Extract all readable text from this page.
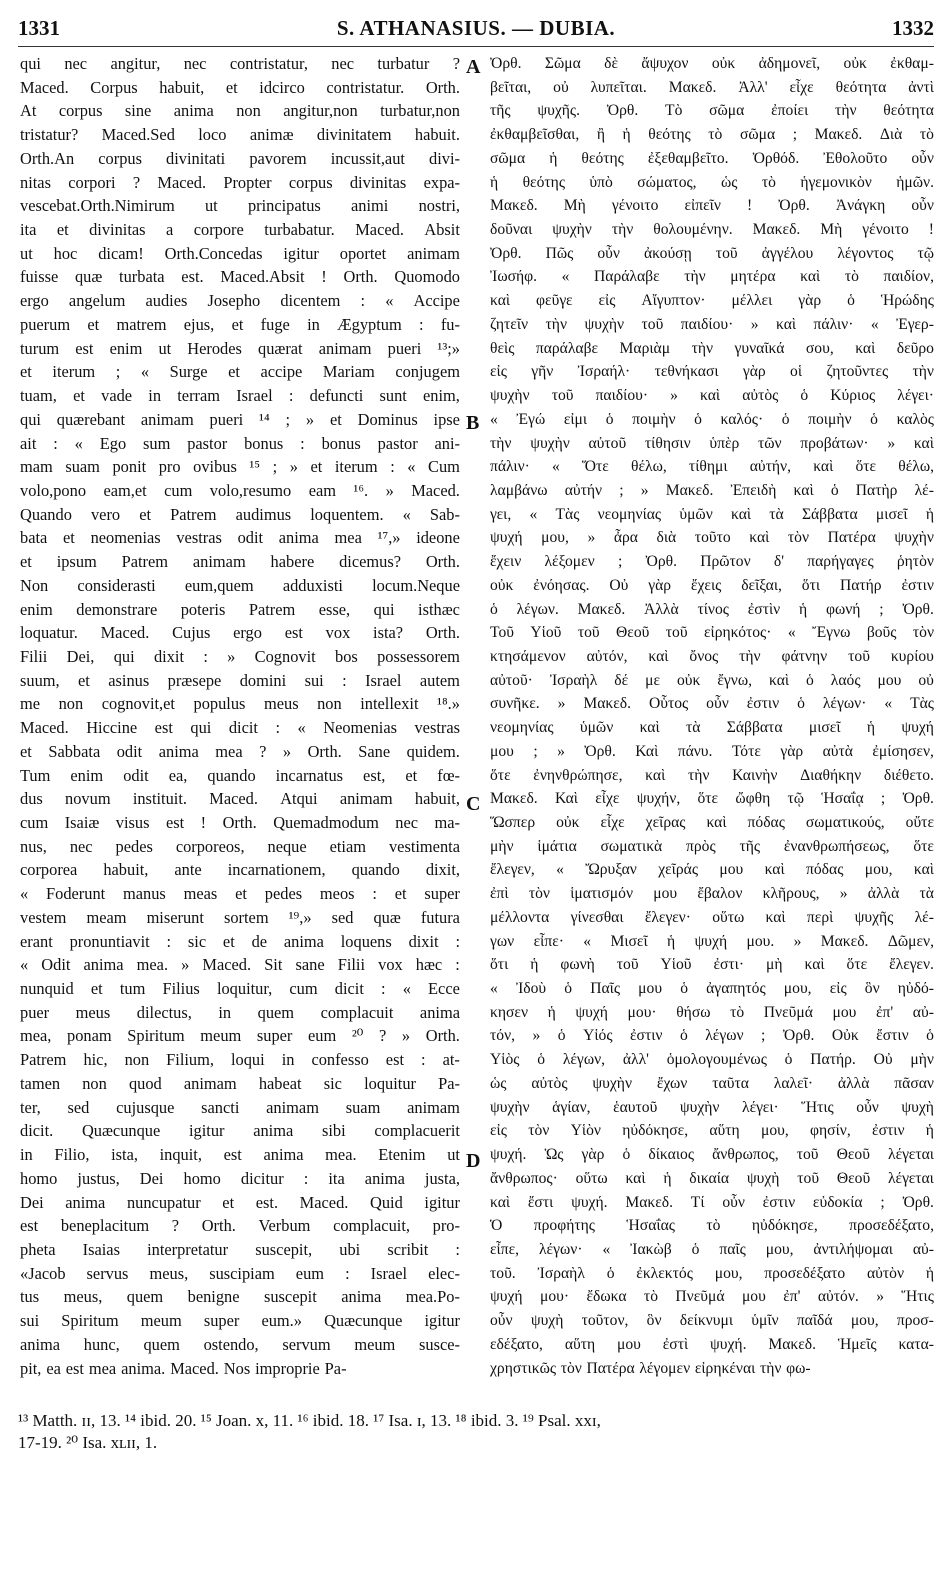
1331	S. ATHANASIUS. — DUBIA.	1332
qui nec angitur, nec contristatur, nec turbatur ?
Maced. Corpus habuit, et idcirco contristatur. Orth.
At corpus sine anima non angitur,non turbatur,non
tristatur? Maced.Sed loco animæ divinitatem habuit.
Orth.An corpus divinitati pavorem incussit,aut divi-
nitas corpori ? Maced. Propter corpus divinitas expa-
vescebat.Orth.Nimirum ut principatus animi nostri,
ita et divinitas a corpore turbabatur. Maced. Absit
ut hoc dicam! Orth.Concedas igitur oportet animam
fuisse quæ turbata est. Maced.Absit ! Orth. Quomodo
ergo angelum audies Josepho dicentem : « Accipe
puerum et matrem ejus, et fuge in Ægyptum : fu-
turum est enim ut Herodes quærat animam pueri ¹³;»
et iterum ; « Surge et accipe Mariam conjugem
tuam, et vade in terram Israel : defuncti sunt enim,
qui quærebant animam pueri ¹⁴ ; » et Dominus ipse
ait : « Ego sum pastor bonus : bonus pastor ani-
mam suam ponit pro ovibus ¹⁵ ; » et iterum : « Cum
volo,pono eam,et cum volo,resumo eam ¹⁶. » Maced.
Quando vero et Patrem audimus loquentem. « Sab-
bata et neomenias vestras odit anima mea ¹⁷,» ideone
et ipsum Patrem animam habere dicemus? Orth.
Non considerasti eum,quem adduxisti locum.Neque
enim demonstrare poteris Patrem esse, qui isthæc
loquatur. Maced. Cujus ergo est vox ista? Orth.
Filii Dei, qui dixit : » Cognovit bos possessorem
suum, et asinus præsepe domini sui : Israel autem
me non cognovit,et populus meus non intellexit ¹⁸.»
Maced. Hiccine est qui dicit : « Neomenias vestras
et Sabbata odit anima mea ? » Orth. Sane quidem.
Tum enim odit ea, quando incarnatus est, et fœ-
dus novum instituit. Maced. Atqui animam habuit,
cum Isaiæ visus est ! Orth. Quemadmodum nec ma-
nus, nec pedes corporeos, neque etiam vestimenta
corporea habuit, ante incarnationem, quando dixit,
« Foderunt manus meas et pedes meos : et super
vestem meam miserunt sortem ¹⁹,» sed quæ futura
erant pronuntiavit : sic et de anima loquens dixit :
« Odit anima mea. » Maced. Sit sane Filii vox hæc :
nunquid et tum Filius loquitur, cum dicit : « Ecce
puer meus dilectus, in quem complacuit anima
mea, ponam Spiritum meum super eum ²⁰ ? » Orth.
Patrem hic, non Filium, loqui in confesso est : at-
tamen non quod animam habeat sic loquitur Pa-
ter, sed cujusque sancti animam suam animam
dicit. Quæcunque igitur anima sibi complacuerit
in Filio, ista, inquit, est anima mea. Etenim ut
homo justus, Dei homo dicitur : ita anima justa,
Dei anima nuncupatur et est. Maced. Quid igitur
est beneplacitum ? Orth. Verbum complacuit, pro-
pheta Isaias interpretatur suscepit, ubi scribit :
«Jacob servus meus, suscipiam eum : Israel elec-
tus meus, quem benigne suscepit anima mea.Po-
sui Spiritum meum super eum.» Quæcunque igitur
anima hunc, quem ostendo, servum meum susce-
pit, ea est mea anima. Maced. Nos improprie Pa-
Ὀρθ. Σῶμα δὲ ἄψυχον οὐκ ἀδημονεῖ, οὐκ ἐκθαμ-
βεῖται, οὐ λυπεῖται. Μακεδ. Ἀλλ' εἶχε θεότητα ἀντὶ
τῆς ψυχῆς. Ὀρθ. Τὸ σῶμα ἐποίει τὴν θεότητα
ἐκθαμβεῖσθαι, ἢ ἡ θεότης τὸ σῶμα ; Μακεδ. Διὰ τὸ
σῶμα ἡ θεότης ἐξεθαμβεῖτο. Ὀρθόδ. Ἐθολοῦτο οὖν
ἡ θεότης ὑπὸ σώματος, ὡς τὸ ἡγεμονικὸν ἡμῶν.
Μακεδ. Μὴ γένοιτο εἰπεῖν ! Ὀρθ. Ἀνάγκη οὖν
δοῦναι ψυχὴν τὴν θολουμένην. Μακεδ. Μὴ γένοιτο !
Ὀρθ. Πῶς οὖν ἀκούσῃ τοῦ ἀγγέλου λέγοντος τῷ
Ἰωσήφ. « Παράλαβε τὴν μητέρα καὶ τὸ παιδίον,
καὶ φεῦγε εἰς Αἴγυπτον· μέλλει γὰρ ὁ Ἡρώδης
ζητεῖν τὴν ψυχὴν τοῦ παιδίου· » καὶ πάλιν· « Ἐγερ-
θεὶς παράλαβε Μαριὰμ τὴν γυναῖκά σου, καὶ δεῦρο
εἰς γῆν Ἰσραήλ· τεθνήκασι γὰρ οἱ ζητοῦντες τὴν
ψυχὴν τοῦ παιδίου· » καὶ αὐτὸς ὁ Κύριος λέγει·
« Ἐγώ εἰμι ὁ ποιμὴν ὁ καλός· ὁ ποιμὴν ὁ καλὸς
τὴν ψυχὴν αὐτοῦ τίθησιν ὑπὲρ τῶν προβάτων· » καὶ
πάλιν· « Ὅτε θέλω, τίθημι αὐτήν, καὶ ὅτε θέλω,
λαμβάνω αὐτήν ; » Μακεδ. Ἐπειδὴ καὶ ὁ Πατὴρ λέ-
γει, « Τὰς νεομηνίας ὑμῶν καὶ τὰ Σάββατα μισεῖ ἡ
ψυχή μου, » ἆρα διὰ τοῦτο καὶ τὸν Πατέρα ψυχὴν
ἔχειν λέξομεν ; Ὀρθ. Πρῶτον δ' παρήγαγες ῥητὸν
οὐκ ἐνόησας. Οὐ γὰρ ἔχεις δεῖξαι, ὅτι Πατήρ ἐστιν
ὁ λέγων. Μακεδ. Ἀλλὰ τίνος ἐστὶν ἡ φωνή ; Ὀρθ.
Τοῦ Υἱοῦ τοῦ Θεοῦ τοῦ εἰρηκότος· « Ἔγνω βοῦς τὸν
κτησάμενον αὐτόν, καὶ ὄνος τὴν φάτνην τοῦ κυρίου
αὐτοῦ· Ἰσραὴλ δέ με οὐκ ἔγνω, καὶ ὁ λαός μου οὐ
συνῆκε. » Μακεδ. Οὗτος οὖν ἐστιν ὁ λέγων· « Τὰς
νεομηνίας ὑμῶν καὶ τὰ Σάββατα μισεῖ ἡ ψυχή
μου ; » Ὀρθ. Καὶ πάνυ. Τότε γὰρ αὐτὰ ἐμίσησεν,
ὅτε ἐνηνθρώπησε, καὶ τὴν Καινὴν Διαθήκην διέθετο.
Μακεδ. Καὶ εἶχε ψυχήν, ὅτε ὤφθη τῷ Ἡσαΐᾳ ; Ὀρθ.
Ὥσπερ οὐκ εἶχε χεῖρας καὶ πόδας σωματικούς, οὔτε
μὴν ἱμάτια σωματικὰ πρὸς τῆς ἐνανθρωπήσεως, ὅτε
ἔλεγεν, « Ὤρυξαν χεῖράς μου καὶ πόδας μου, καὶ
ἐπὶ τὸν ἱματισμόν μου ἔβαλον κλῆρους, » ἀλλὰ τὰ
μέλλοντα γίνεσθαι ἔλεγεν· οὕτω καὶ περὶ ψυχῆς λέ-
γων εἶπε· « Μισεῖ ἡ ψυχή μου. » Μακεδ. Δῶμεν,
ὅτι ἡ φωνὴ τοῦ Υἱοῦ ἐστι· μὴ καὶ ὅτε ἔλεγεν.
« Ἰδοὺ ὁ Παῖς μου ὁ ἀγαπητός μου, εἰς ὃν ηὐδό-
κησεν ἡ ψυχή μου· θήσω τὸ Πνεῦμά μου ἐπ' αὐ-
τόν, » ὁ Υἱός ἐστιν ὁ λέγων ; Ὀρθ. Οὐκ ἔστιν ὁ
Υἱὸς ὁ λέγων, ἀλλ' ὁμολογουμένως ὁ Πατήρ. Οὐ μὴν
ὡς αὐτὸς ψυχὴν ἔχων ταῦτα λαλεῖ· ἀλλὰ πᾶσαν
ψυχὴν ἁγίαν, ἑαυτοῦ ψυχὴν λέγει· Ἥτις οὖν ψυχὴ
εἰς τὸν Υἱὸν ηὐδόκησε, αὕτη μου, φησίν, ἐστιν ἡ
ψυχή. Ὡς γὰρ ὁ δίκαιος ἄνθρωπος, τοῦ Θεοῦ λέγεται
ἄνθρωπος· οὕτω καὶ ἡ δικαία ψυχὴ τοῦ Θεοῦ λέγεται
καὶ ἔστι ψυχή. Μακεδ. Τί οὖν ἐστιν εὐδοκία ; Ὀρθ.
Ὁ προφήτης Ἡσαΐας τὸ ηὐδόκησε, προσεδέξατο,
εἶπε, λέγων· « Ἰακὼβ ὁ παῖς μου, ἀντιλήψομαι αὐ-
τοῦ. Ἰσραὴλ ὁ ἐκλεκτός μου, προσεδέξατο αὐτὸν ἡ
ψυχή μου· ἔδωκα τὸ Πνεῦμά μου ἐπ' αὐτόν. » Ἥτις
οὖν ψυχὴ τοῦτον, ὃν δείκνυμι ὑμῖν παῖδά μου, προσ-
εδέξατο, αὕτη μου ἐστὶ ψυχή. Μακεδ. Ἡμεῖς κατα-
χρηστικῶς τὸν Πατέρα λέγομεν εἰρηκέναι τὴν φω-
A
B
C
D
¹³ Matth. ɪɪ, 13. ¹⁴ ibid. 20. ¹⁵ Joan. x, 11. ¹⁶ ibid. 18. ¹⁷ Isa. ɪ, 13. ¹⁸ ibid. 3. ¹⁹ Psal. xxɪ,
17-19. ²⁰ Isa. xʟɪɪ, 1.
